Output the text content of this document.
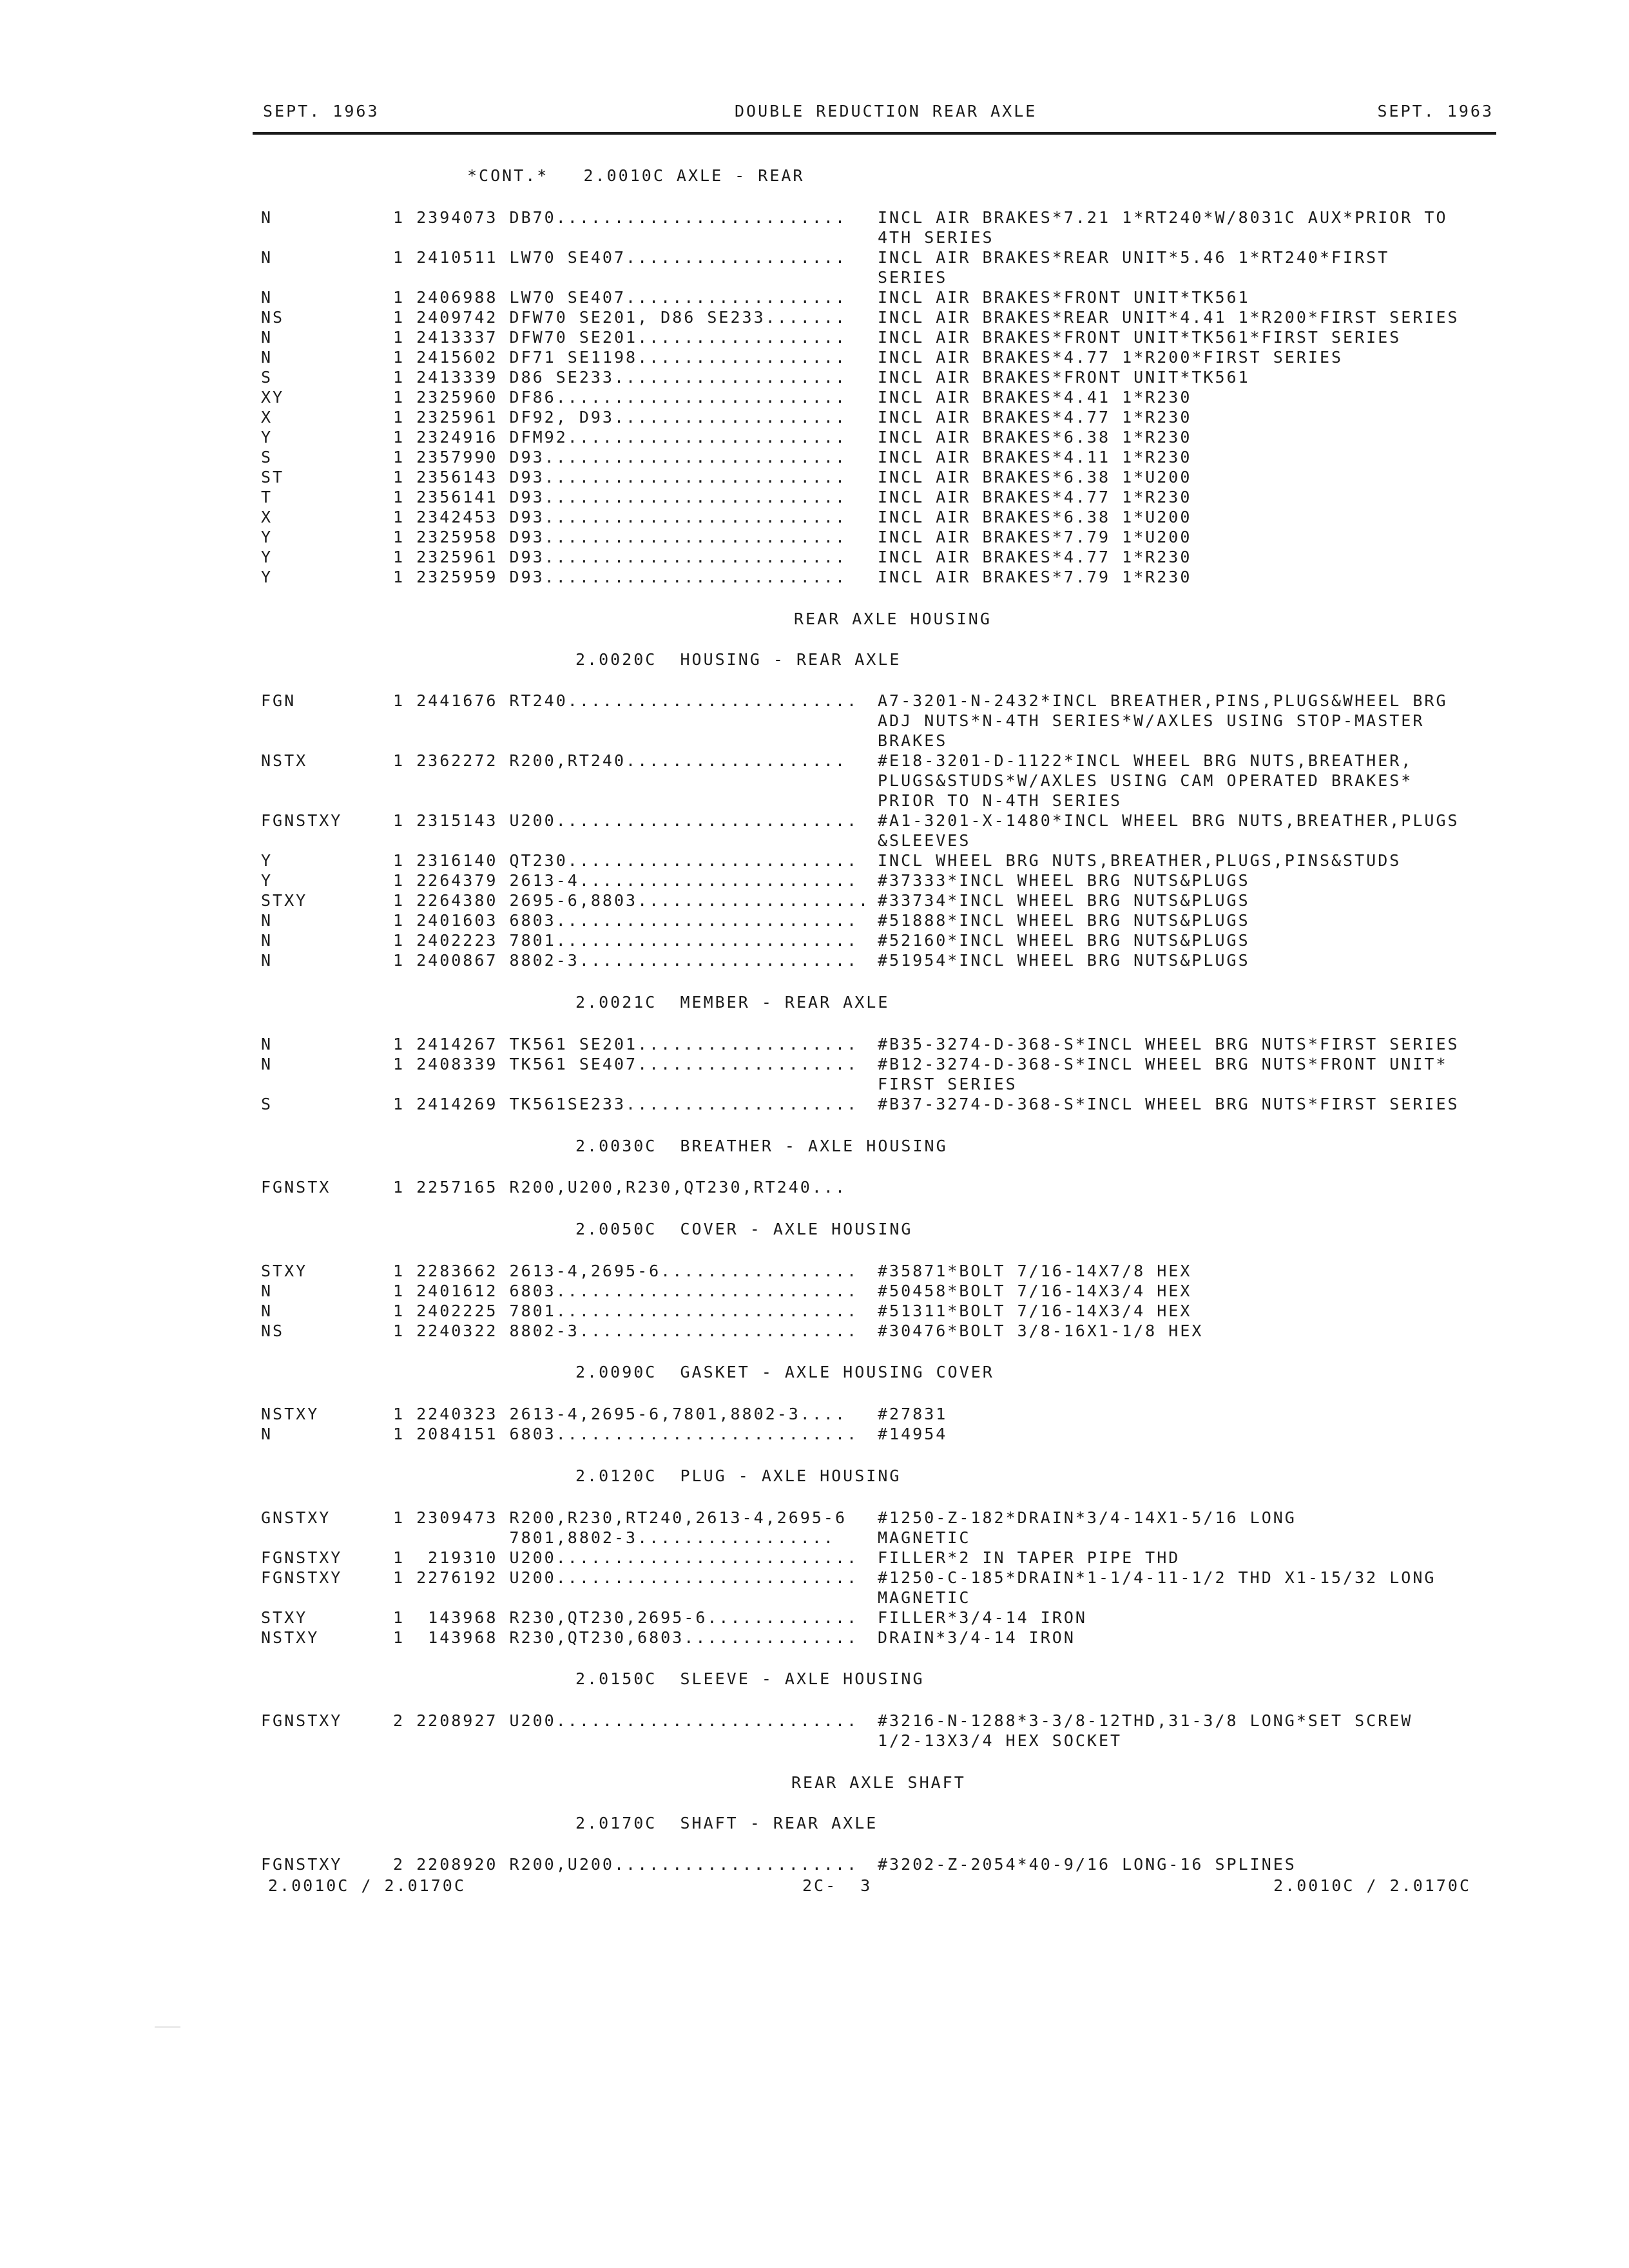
SEPT. 1963	DOUBLE REDUCTION REAR AXLE	SEPT. 1963
*CONT.*   2.0010C AXLE - REAR
N	1 2394073 DB70......................... INCL AIR BRAKES*7.21 1*RT240*W/8031C AUX*PRIOR TO
4TH SERIES
N	1 2410511 LW70 SE407................... INCL AIR BRAKES*REAR UNIT*5.46 1*RT240*FIRST
SERIES
N	1 2406988 LW70 SE407................... INCL AIR BRAKES*FRONT UNIT*TK561
NS	1 2409742 DFW70 SE201, D86 SE233....... INCL AIR BRAKES*REAR UNIT*4.41 1*R200*FIRST SERIES
N	1 2413337 DFW70 SE201.................. INCL AIR BRAKES*FRONT UNIT*TK561*FIRST SERIES
N	1 2415602 DF71 SE1198.................. INCL AIR BRAKES*4.77 1*R200*FIRST SERIES
S	1 2413339 D86 SE233.................... INCL AIR BRAKES*FRONT UNIT*TK561
XY	1 2325960 DF86......................... INCL AIR BRAKES*4.41 1*R230
X	1 2325961 DF92, D93.................... INCL AIR BRAKES*4.77 1*R230
Y	1 2324916 DFM92........................ INCL AIR BRAKES*6.38 1*R230
S	1 2357990 D93.......................... INCL AIR BRAKES*4.11 1*R230
ST	1 2356143 D93.......................... INCL AIR BRAKES*6.38 1*U200
T	1 2356141 D93.......................... INCL AIR BRAKES*4.77 1*R230
X	1 2342453 D93.......................... INCL AIR BRAKES*6.38 1*U200
Y	1 2325958 D93.......................... INCL AIR BRAKES*7.79 1*U200
Y	1 2325961 D93.......................... INCL AIR BRAKES*4.77 1*R230
Y	1 2325959 D93.......................... INCL AIR BRAKES*7.79 1*R230
REAR AXLE HOUSING
2.0020C  HOUSING - REAR AXLE
FGN	1 2441676 RT240......................... A7-3201-N-2432*INCL BREATHER,PINS,PLUGS&WHEEL BRG
ADJ NUTS*N-4TH SERIES*W/AXLES USING STOP-MASTER
BRAKES
NSTX	1 2362272 R200,RT240................... #E18-3201-D-1122*INCL WHEEL BRG NUTS,BREATHER,
PLUGS&STUDS*W/AXLES USING CAM OPERATED BRAKES*
PRIOR TO N-4TH SERIES
FGNSTXY	1 2315143 U200.......................... #A1-3201-X-1480*INCL WHEEL BRG NUTS,BREATHER,PLUGS
&SLEEVES
Y	1 2316140 QT230......................... INCL WHEEL BRG NUTS,BREATHER,PLUGS,PINS&STUDS
Y	1 2264379 2613-4........................ #37333*INCL WHEEL BRG NUTS&PLUGS
STXY	1 2264380 2695-6,8803.................... #33734*INCL WHEEL BRG NUTS&PLUGS
N	1 2401603 6803.......................... #51888*INCL WHEEL BRG NUTS&PLUGS
N	1 2402223 7801.......................... #52160*INCL WHEEL BRG NUTS&PLUGS
N	1 2400867 8802-3........................ #51954*INCL WHEEL BRG NUTS&PLUGS
2.0021C  MEMBER - REAR AXLE
N	1 2414267 TK561 SE201................... #B35-3274-D-368-S*INCL WHEEL BRG NUTS*FIRST SERIES
N	1 2408339 TK561 SE407................... #B12-3274-D-368-S*INCL WHEEL BRG NUTS*FRONT UNIT*
FIRST SERIES
S	1 2414269 TK561SE233.................... #B37-3274-D-368-S*INCL WHEEL BRG NUTS*FIRST SERIES
2.0030C  BREATHER - AXLE HOUSING
FGNSTX	1 2257165 R200,U200,R230,QT230,RT240...
2.0050C  COVER - AXLE HOUSING
STXY	1 2283662 2613-4,2695-6................. #35871*BOLT 7/16-14X7/8 HEX
N	1 2401612 6803.......................... #50458*BOLT 7/16-14X3/4 HEX
N	1 2402225 7801.......................... #51311*BOLT 7/16-14X3/4 HEX
NS	1 2240322 8802-3........................ #30476*BOLT 3/8-16X1-1/8 HEX
2.0090C  GASKET - AXLE HOUSING COVER
NSTXY	1 2240323 2613-4,2695-6,7801,8802-3.... #27831
N	1 2084151 6803.......................... #14954
2.0120C  PLUG - AXLE HOUSING
GNSTXY	1 2309473 R200,R230,RT240,2613-4,2695-6 #1250-Z-182*DRAIN*3/4-14X1-5/16 LONG
7801,8802-3.................	MAGNETIC
FGNSTXY	1  219310 U200.......................... FILLER*2 IN TAPER PIPE THD
FGNSTXY	1 2276192 U200.......................... #1250-C-185*DRAIN*1-1/4-11-1/2 THD X1-15/32 LONG
MAGNETIC
STXY	1  143968 R230,QT230,2695-6............. FILLER*3/4-14 IRON
NSTXY	1  143968 R230,QT230,6803............... DRAIN*3/4-14 IRON
2.0150C  SLEEVE - AXLE HOUSING
FGNSTXY	2 2208927 U200.......................... #3216-N-1288*3-3/8-12THD,31-3/8 LONG*SET SCREW
1/2-13X3/4 HEX SOCKET
REAR AXLE SHAFT
2.0170C  SHAFT - REAR AXLE
FGNSTXY	2 2208920 R200,U200..................... #3202-Z-2054*40-9/16 LONG-16 SPLINES
2.0010C / 2.0170C	2C-  3	2.0010C / 2.0170C
